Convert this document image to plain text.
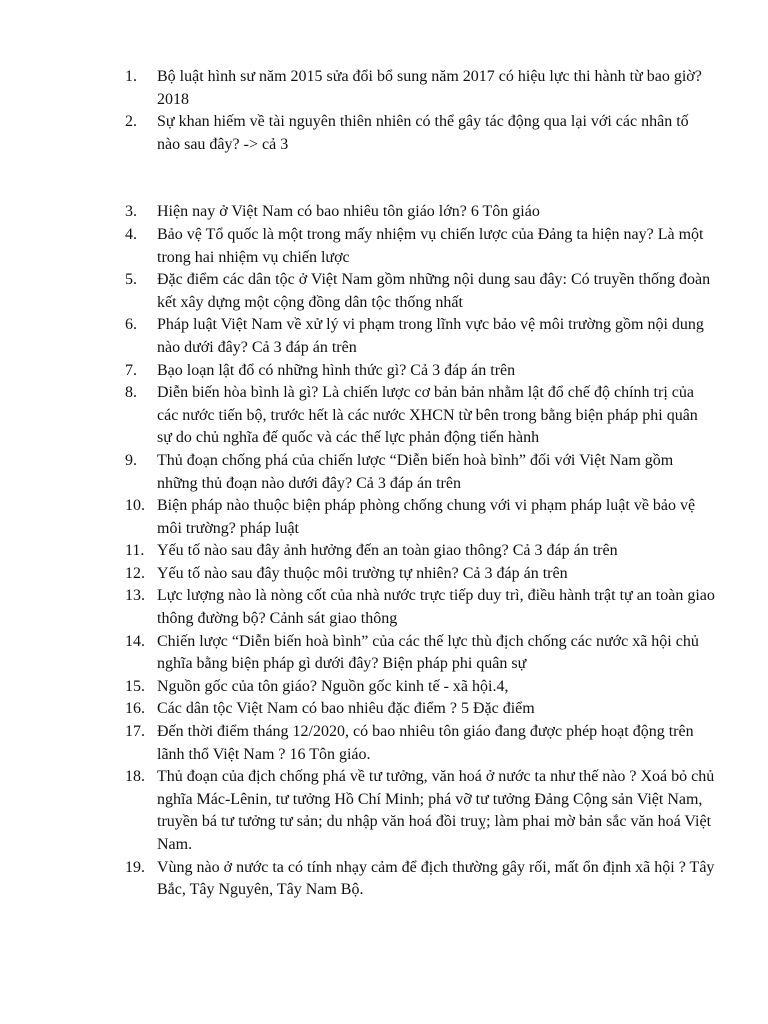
1.	Bộ luật hình sư năm 2015 sửa đổi bổ sung năm 2017 có hiệu lực thi hành từ bao giờ?2018
2.	Sự khan hiếm về tài nguyên thiên nhiên có thể gây tác động qua lại với các nhân tố nào sau đây? -> cả 3
3.	Hiện nay ở Việt Nam có bao nhiêu tôn giáo lớn? 6 Tôn giáo
4.	Bảo vệ Tổ quốc là một trong mấy nhiệm vụ chiến lược của Đảng ta hiện nay? Là một trong hai nhiệm vụ chiến lược
5.	Đặc điểm các dân tộc ở Việt Nam gồm những nội dung sau đây: Có truyền thống đoàn kết xây dựng một cộng đồng dân tộc thống nhất
6.	Pháp luật Việt Nam về xử lý vi phạm trong lĩnh vực bảo vệ môi trường gồm nội dung nào dưới đây? Cả 3 đáp án trên
7.	Bạo loạn lật đổ có những hình thức gì? Cả 3 đáp án trên
8.	Diễn biến hòa bình là gì? Là chiến lược cơ bản bản nhằm lật đổ chế độ chính trị của các nước tiến bộ, trước hết là các nước XHCN từ bên trong bằng biện pháp phi quân sự do chủ nghĩa đế quốc và các thế lực phản động tiến hành
9.	Thủ đoạn chống phá của chiến lược “Diễn biến hoà bình” đối với Việt Nam gồm những thủ đoạn nào dưới đây? Cả 3 đáp án trên
10. Biện pháp nào thuộc biện pháp phòng chống chung với vi phạm pháp luật về bảo vệ môi trường? pháp luật
11. Yếu tố nào sau đây ảnh hưởng đến an toàn giao thông? Cả 3 đáp án trên
12. Yếu tố nào sau đây thuộc môi trường tự nhiên? Cả 3 đáp án trên
13. Lực lượng nào là nòng cốt của nhà nước trực tiếp duy trì, điều hành trật tự an toàn giao thông đường bộ? Cảnh sát giao thông
14. Chiến lược “Diễn biến hoà bình” của các thế lực thù địch chống các nước xã hội chủ nghĩa bằng biện pháp gì dưới đây? Biện pháp phi quân sự
15. Nguồn gốc của tôn giáo? Nguồn gốc kinh tế - xã hội.4,
16. Các dân tộc Việt Nam có bao nhiêu đặc điểm ? 5 Đặc điểm
17. Đến thời điểm tháng 12/2020, có bao nhiêu tôn giáo đang được phép hoạt động trên lãnh thổ Việt Nam ? 16 Tôn giáo.
18. Thủ đoạn của địch chống phá về tư tưởng, văn hoá ở nước ta như thế nào ? Xoá bỏ chủ nghĩa Mác-Lênin, tư tưởng Hồ Chí Minh; phá vỡ tư tưởng Đảng Cộng sản Việt Nam, truyền bá tư tưởng tư sản; du nhập văn hoá đồi truỵ; làm phai mờ bản sắc văn hoá Việt Nam.
19. Vùng nào ở nước ta có tính nhạy cảm để địch thường gây rối, mất ổn định xã hội ? Tây Bắc, Tây Nguyên, Tây Nam Bộ.
